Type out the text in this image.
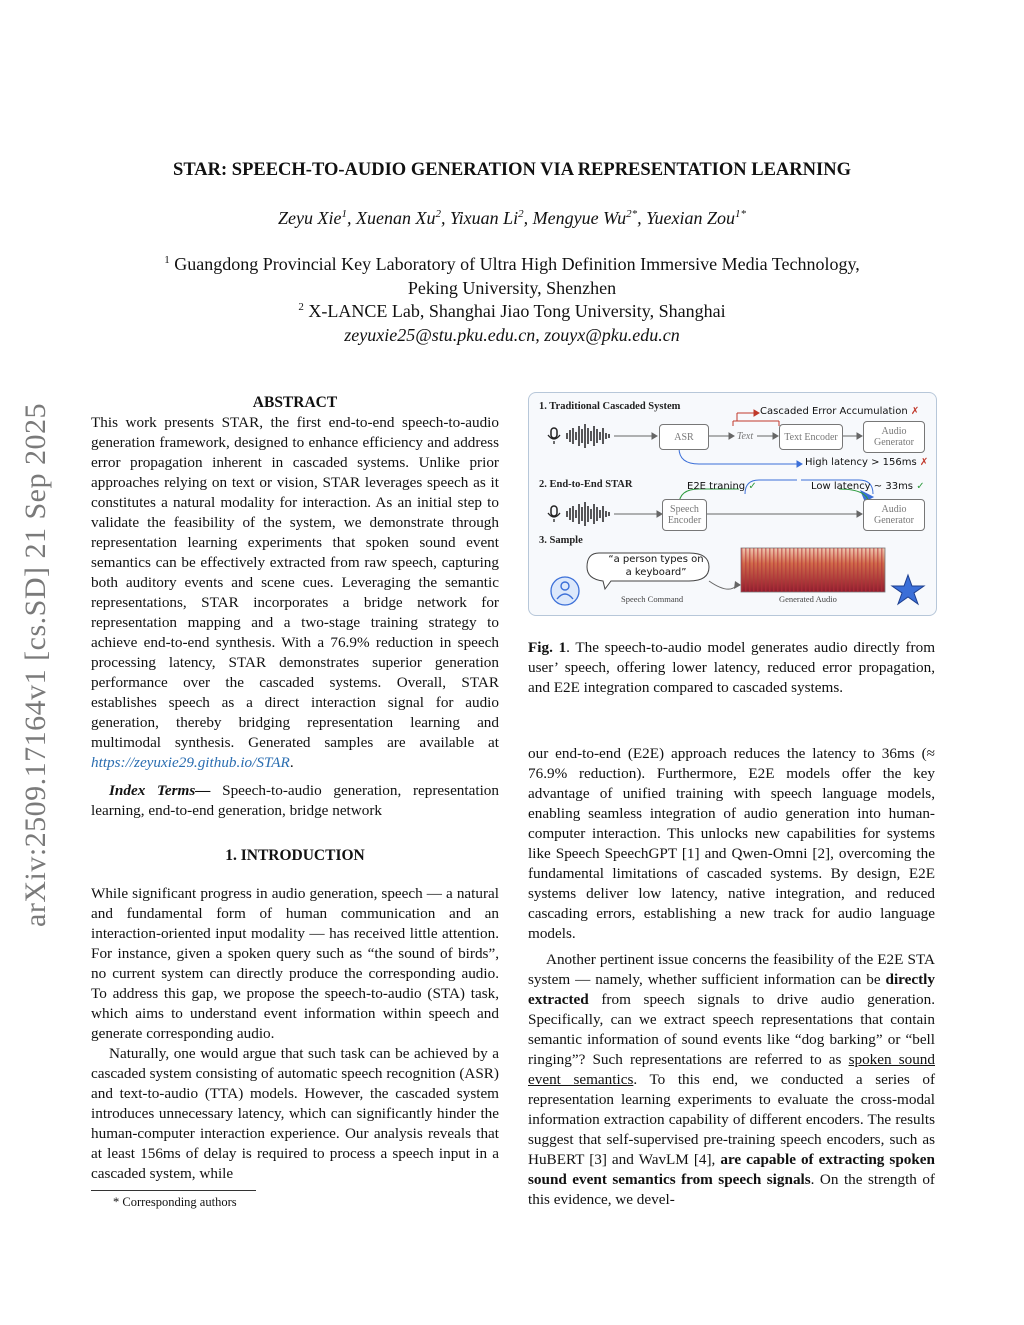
arXiv:2509.17164v1 [cs.SD] 21 Sep 2025
STAR: SPEECH-TO-AUDIO GENERATION VIA REPRESENTATION LEARNING
Zeyu Xie$^1$, Xuenan Xu$^2$, Yixuan Li$^2$, Mengyue $Wu^{2*}$, Yuexian Zou$^{1*}$
$^1$ Guangdong Provincial Key Laboratory of Ultra High Definition Immersive Media Technology,
Peking University, Shenzhen
$^2$ X-LANCE Lab, Shanghai Jiao Tong University, Shanghai
zeyuxie25@stu.pku.edu.cn, zouyx@pku.edu.cn

ABSTRACT

This work presents STAR, the first end-to-end speech-to-audio generation framework, designed to enhance efficiency and address error propagation inherent in cascaded systems. Unlike prior approaches relying on text or vision, STAR leverages speech as it constitutes a natural modality for interaction. As an initial step to validate the feasibility of the system, we demonstrate through representation learning experiments that spoken sound event semantics can be effectively extracted from raw speech, capturing both auditory events and scene cues. Leveraging the semantic representations, STAR incorporates a bridge network for representation mapping and a two-stage training strategy to achieve end-to-end synthesis. With a 76.9% reduction in speech processing latency, STAR demonstrates superior generation performance over the cascaded systems. Overall, STAR establishes speech as a direct interaction signal for audio generation, thereby bridging representation learning and multimodal synthesis. Generated samples are available at https://zeyuxie29.github.io/STAR.

Index Terms— Speech-to-audio generation, representation learning, end-to-end generation, bridge network

1. INTRODUCTION

While significant progress in audio generation, speech — a natural and fundamental form of human communication and an interaction-oriented input modality — has received little attention. For instance, given a spoken query such as “the sound of birds”, no current system can directly produce the corresponding audio. To address this gap, we propose the speech-to-audio (STA) task, which aims to understand event information within speech and generate corresponding audio.

Naturally, one would argue that such task can be achieved by a cascaded system consisting of automatic speech recognition (ASR) and text-to-audio (TTA) models. However, the cascaded system introduces unnecessary latency, which can significantly hinder the human-computer interaction experience. Our analysis reveals that at least 156ms of delay is required to process a speech input in a cascaded system, while

* Corresponding authors
1. Traditional Cascaded System
2. End-to-End STAR
3. Sample
ASR	Text	Text Encoder	Audio Generator
Speech Encoder
Audio Generator
Cascaded Error Accumulation ✗
High latency > 156ms ✗
E2E traning ✓	Low latency ~ 33ms ✓
“a person types on a keyboard”
Speech Command	Generated Audio
Fig. 1. The speech-to-audio model generates audio directly from user’ speech, offering lower latency, reduced error propagation, and E2E integration compared to cascaded systems.

our end-to-end (E2E) approach reduces the latency to 36ms (≈ 76.9% reduction). Furthermore, E2E models offer the key advantage of unified training with speech language models, enabling seamless integration of audio generation into human-computer interaction. This unlocks new capabilities for systems like Speech SpeechGPT [1] and Qwen-Omni [2], overcoming the fundamental limitations of cascaded systems. By design, E2E systems deliver low latency, native integration, and reduced cascading errors, establishing a new track for audio language models.

Another pertinent issue concerns the feasibility of the E2E STA system — namely, whether sufficient information can be directly extracted from speech signals to drive audio generation. Specifically, can we extract speech representations that contain semantic information of sound events like “dog barking” or “bell ringing”? Such representations are referred to as spoken sound event semantics. To this end, we conducted a series of representation learning experiments to evaluate the cross-modal information extraction capability of different encoders. The results suggest that self-supervised pre-training speech encoders, such as HuBERT [3] and WavLM [4], are capable of extracting spoken sound event semantics from speech signals. On the strength of this evidence, we devel-
